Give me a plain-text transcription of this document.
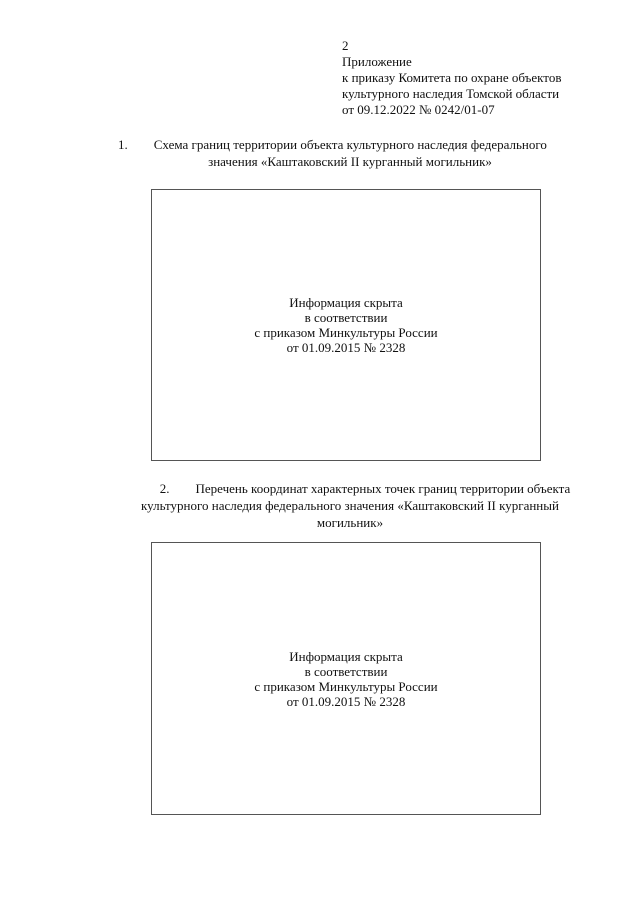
2
Приложение
к приказу Комитета по охране объектов
культурного наследия Томской области
от 09.12.2022 № 0242/01-07
1. Схема границ территории объекта культурного наследия федерального
значения «Каштаковский II курганный могильник»
Информация скрыта
в соответствии
с приказом Минкультуры России
от 01.09.2015 № 2328
2. Перечень координат характерных точек границ территории объекта
культурного наследия федерального значения «Каштаковский II курганный
могильник»
Информация скрыта
в соответствии
с приказом Минкультуры России
от 01.09.2015 № 2328
